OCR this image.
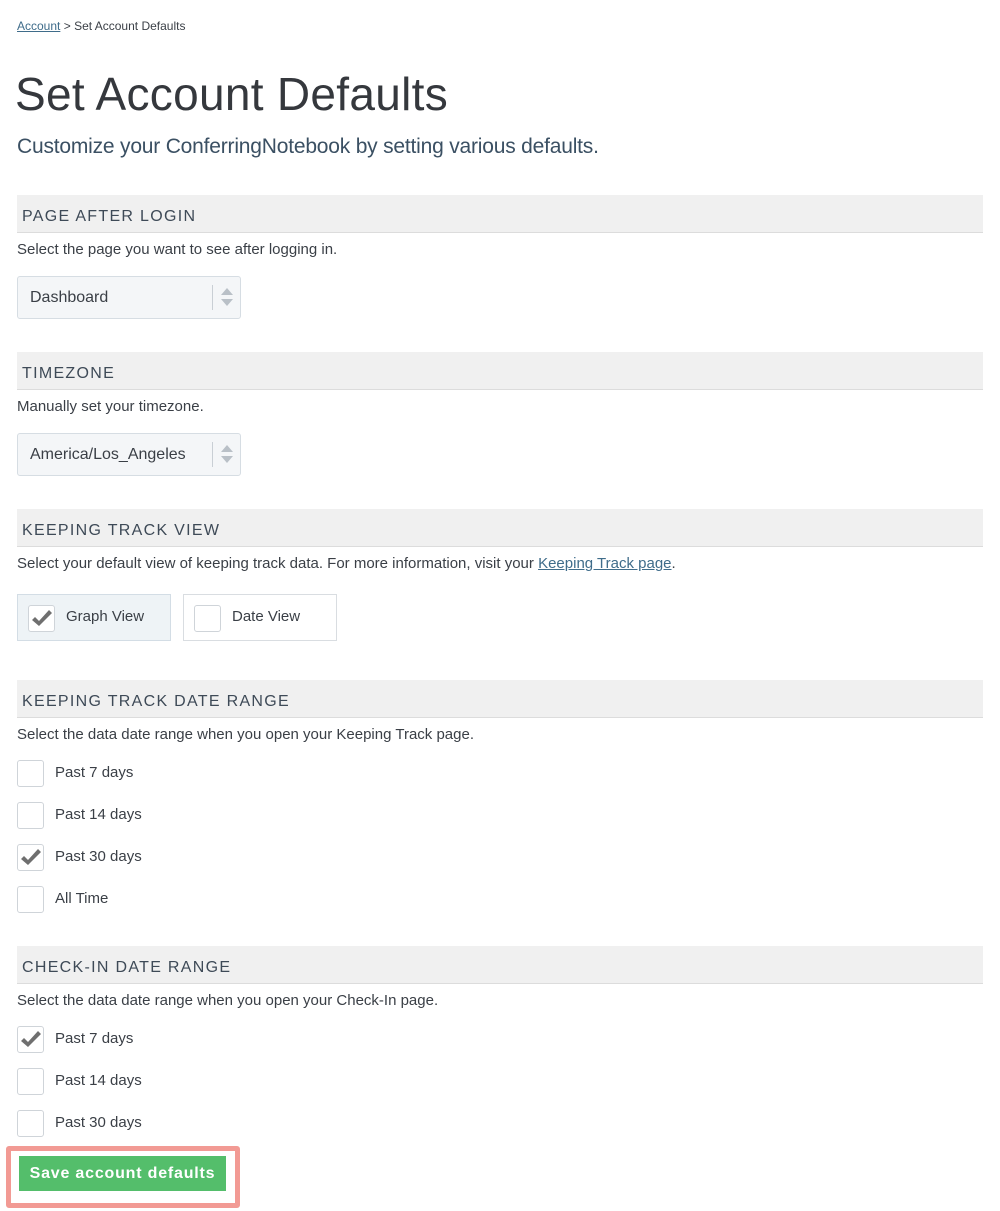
Account > Set Account Defaults
Set Account Defaults
Customize your ConferringNotebook by setting various defaults.
PAGE AFTER LOGIN
Select the page you want to see after logging in.
Dashboard
TIMEZONE
Manually set your timezone.
America/Los_Angeles
KEEPING TRACK VIEW
Select your default view of keeping track data. For more information, visit your Keeping Track page.
Graph View	Date View
KEEPING TRACK DATE RANGE
Select the data date range when you open your Keeping Track page.
Past 7 days
Past 14 days
Past 30 days
All Time
CHECK-IN DATE RANGE
Select the data date range when you open your Check-In page.
Past 7 days
Past 14 days
Past 30 days
Save account defaults
